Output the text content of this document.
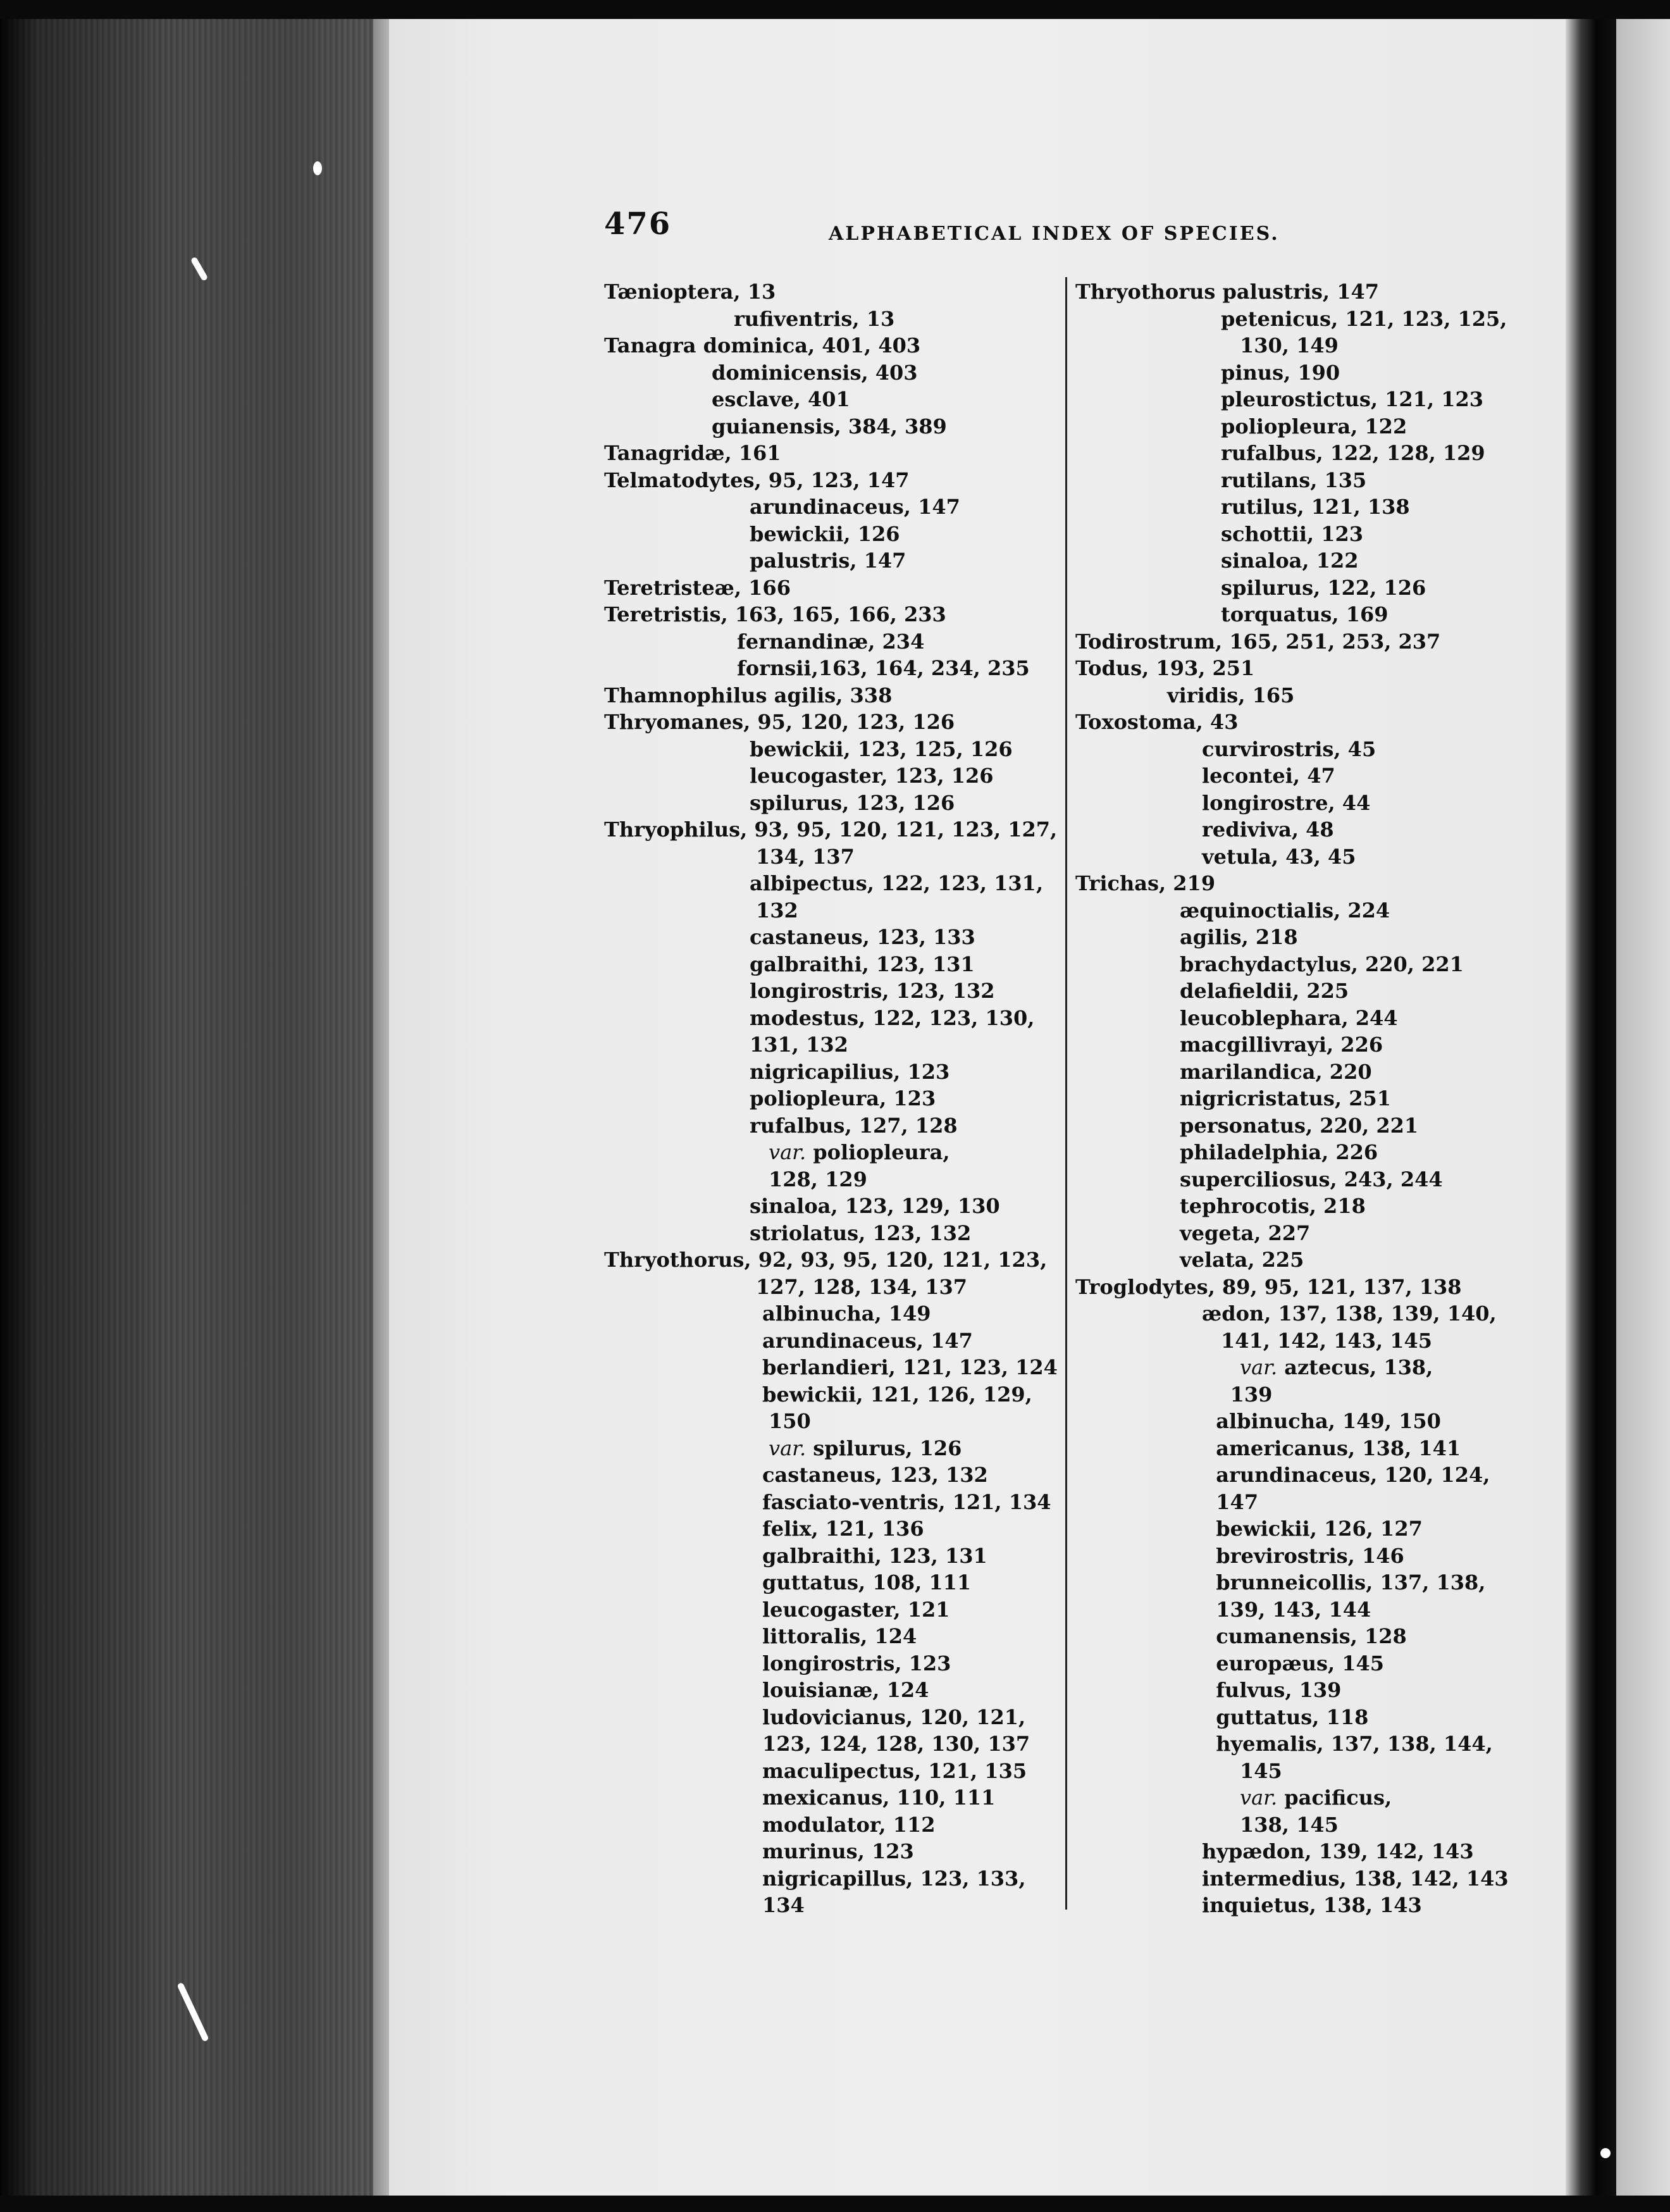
476	ALPHABETICAL INDEX OF SPECIES.
Tæniopterа, 13
rufiventris, 13
Tanagra dominica, 401, 403
dominicensis, 403
esclave, 401
guianensis, 384, 389
Tanagridæ, 161
Telmatodytes, 95, 123, 147
arundinaceus, 147
bewickii, 126
palustris, 147
Teretristeæ, 166
Teretristis, 163, 165, 166, 233
fernandinæ, 234
fornsii,163, 164, 234, 235
Thamnophilus agilis, 338
Thryomanes, 95, 120, 123, 126
bewickii, 123, 125, 126
leucogaster, 123, 126
spilurus, 123, 126
Thryophilus, 93, 95, 120, 121, 123, 127,
134, 137
albipectus, 122, 123, 131,
132
castaneus, 123, 133
galbraithi, 123, 131
longirostris, 123, 132
modestus, 122, 123, 130,
131, 132
nigricapilius, 123
poliopleura, 123
rufalbus, 127, 128
var. poliopleura,
128, 129
sinaloa, 123, 129, 130
striolatus, 123, 132
Thryothorus, 92, 93, 95, 120, 121, 123,
127, 128, 134, 137
albinucha, 149
arundinaceus, 147
berlandieri, 121, 123, 124
bewickii, 121, 126, 129,
150
var. spilurus, 126
castaneus, 123, 132
fasciato-ventris, 121, 134
felix, 121, 136
galbraithi, 123, 131
guttatus, 108, 111
leucogaster, 121
littoralis, 124
longirostris, 123
louisianæ, 124
ludovicianus, 120, 121,
123, 124, 128, 130, 137
maculipectus, 121, 135
mexicanus, 110, 111
modulator, 112
murinus, 123
nigricapillus, 123, 133,
134
Thryothorus palustris, 147
petenicus, 121, 123, 125,
130, 149
pinus, 190
pleurostictus, 121, 123
poliopleura, 122
rufalbus, 122, 128, 129
rutilans, 135
rutilus, 121, 138
schottii, 123
sinaloa, 122
spilurus, 122, 126
torquatus, 169
Todirostrum, 165, 251, 253, 237
Todus, 193, 251
viridis, 165
Toxostoma, 43
curvirostris, 45
lecontei, 47
longirostre, 44
rediviva, 48
vetula, 43, 45
Trichas, 219
æquinoctialis, 224
agilis, 218
brachydactylus, 220, 221
delafieldii, 225
leucoblephara, 244
macgillivrayi, 226
marilandica, 220
nigricristatus, 251
personatus, 220, 221
philadelphia, 226
superciliosus, 243, 244
tephrocotis, 218
vegeta, 227
velata, 225
Troglodytes, 89, 95, 121, 137, 138
ædon, 137, 138, 139, 140,
141, 142, 143, 145
var. aztecus, 138,
139
albinucha, 149, 150
americanus, 138, 141
arundinaceus, 120, 124,
147
bewickii, 126, 127
brevirostris, 146
brunneicollis, 137, 138,
139, 143, 144
cumanensis, 128
europæus, 145
fulvus, 139
guttatus, 118
hyemalis, 137, 138, 144,
145
var. pacificus,
138, 145
hypædon, 139, 142, 143
intermedius, 138, 142, 143
inquietus, 138, 143
